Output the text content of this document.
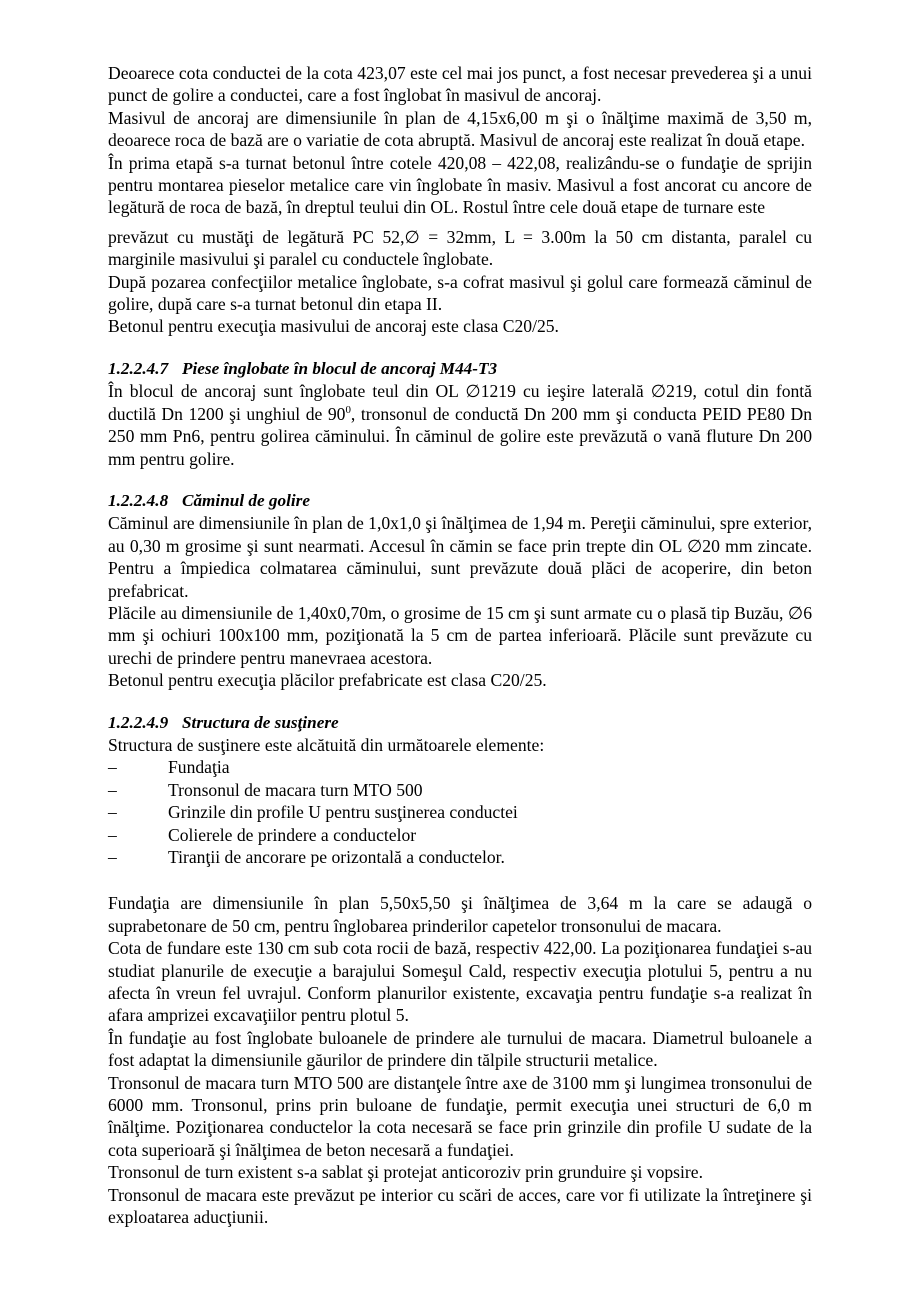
Deoarece cota conductei de la cota 423,07 este cel mai jos punct, a fost necesar prevederea şi a unui punct de golire a conductei, care a fost înglobat în masivul de ancoraj.

Masivul de ancoraj are dimensiunile în plan de 4,15x6,00 m şi o înălţime maximă de 3,50 m, deoarece roca de bază are o variatie de cota abruptă. Masivul de ancoraj este realizat în două etape.

În prima etapă s-a turnat betonul între cotele 420,08 – 422,08, realizându-se o fundaţie de sprijin pentru montarea pieselor metalice care vin înglobate în masiv. Masivul a fost ancorat cu ancore de legătură de roca de bază, în dreptul teului din OL. Rostul între cele două etape de turnare este

prevăzut cu mustăţi de legătură PC 52,∅ = 32mm, L = 3.00m la 50 cm distanta, paralel cu marginile masivului şi paralel cu conductele înglobate.

După pozarea confecţiilor metalice înglobate, s-a cofrat masivul şi golul care formează căminul de golire, după care s-a turnat betonul din etapa II.

Betonul pentru execuţia masivului de ancoraj este clasa C20/25.

1.2.2.4.7 Piese înglobate în blocul de ancoraj M44-T3

În blocul de ancoraj sunt înglobate teul din OL ∅1219 cu ieşire laterală ∅219, cotul din fontă ductilă Dn 1200 şi unghiul de $90^0$, tronsonul de conductă Dn 200 mm şi conducta PEID PE80 Dn 250 mm Pn6, pentru golirea căminului. În căminul de golire este prevăzută o vană fluture Dn 200 mm pentru golire.

1.2.2.4.8 Căminul de golire

Căminul are dimensiunile în plan de 1,0x1,0 şi înălţimea de 1,94 m. Pereţii căminului, spre exterior, au 0,30 m grosime şi sunt nearmati. Accesul în cămin se face prin trepte din OL ∅20 mm zincate. Pentru a împiedica colmatarea căminului, sunt prevăzute două plăci de acoperire, din beton prefabricat.

Plăcile au dimensiunile de 1,40x0,70m, o grosime de 15 cm şi sunt armate cu o plasă tip Buzău, ∅6 mm şi ochiuri 100x100 mm, poziţionată la 5 cm de partea inferioară. Plăcile sunt prevăzute cu urechi de prindere pentru manevraea acestora.

Betonul pentru execuţia plăcilor prefabricate est clasa C20/25.

1.2.2.4.9 Structura de susţinere

Structura de susţinere este alcătuită din următoarele elemente:

–	Fundaţia
–	Tronsonul de macara turn MTO 500
–	Grinzile din profile U pentru susţinerea conductei
–	Colierele de prindere a conductelor
–	Tiranţii de ancorare pe orizontală a conductelor.

Fundaţia are dimensiunile în plan 5,50x5,50 şi înălţimea de 3,64 m la care se adaugă o suprabetonare de 50 cm, pentru înglobarea prinderilor capetelor tronsonului de macara.

Cota de fundare este 130 cm sub cota rocii de bază, respectiv 422,00. La poziţionarea fundaţiei s-au studiat planurile de execuţie a barajului Someşul Cald, respectiv execuţia plotului 5, pentru a nu afecta în vreun fel uvrajul. Conform planurilor existente, excavaţia pentru fundaţie s-a realizat în afara amprizei excavaţiilor pentru plotul 5.

În fundaţie au fost înglobate buloanele de prindere ale turnului de macara. Diametrul buloanele a fost adaptat la dimensiunile găurilor de prindere din tălpile structurii metalice.

Tronsonul de macara turn MTO 500 are distanţele între axe de 3100 mm şi lungimea tronsonului de 6000 mm. Tronsonul, prins prin buloane de fundaţie, permit execuţia unei structuri de 6,0 m înălţime. Poziţionarea conductelor la cota necesară se face prin grinzile din profile U sudate de la cota superioară şi înălţimea de beton necesară a fundaţiei.

Tronsonul de turn existent s-a sablat şi protejat anticoroziv prin grunduire şi vopsire.

Tronsonul de macara este prevăzut pe interior cu scări de acces, care vor fi utilizate la întreţinere şi exploatarea aducţiunii.
